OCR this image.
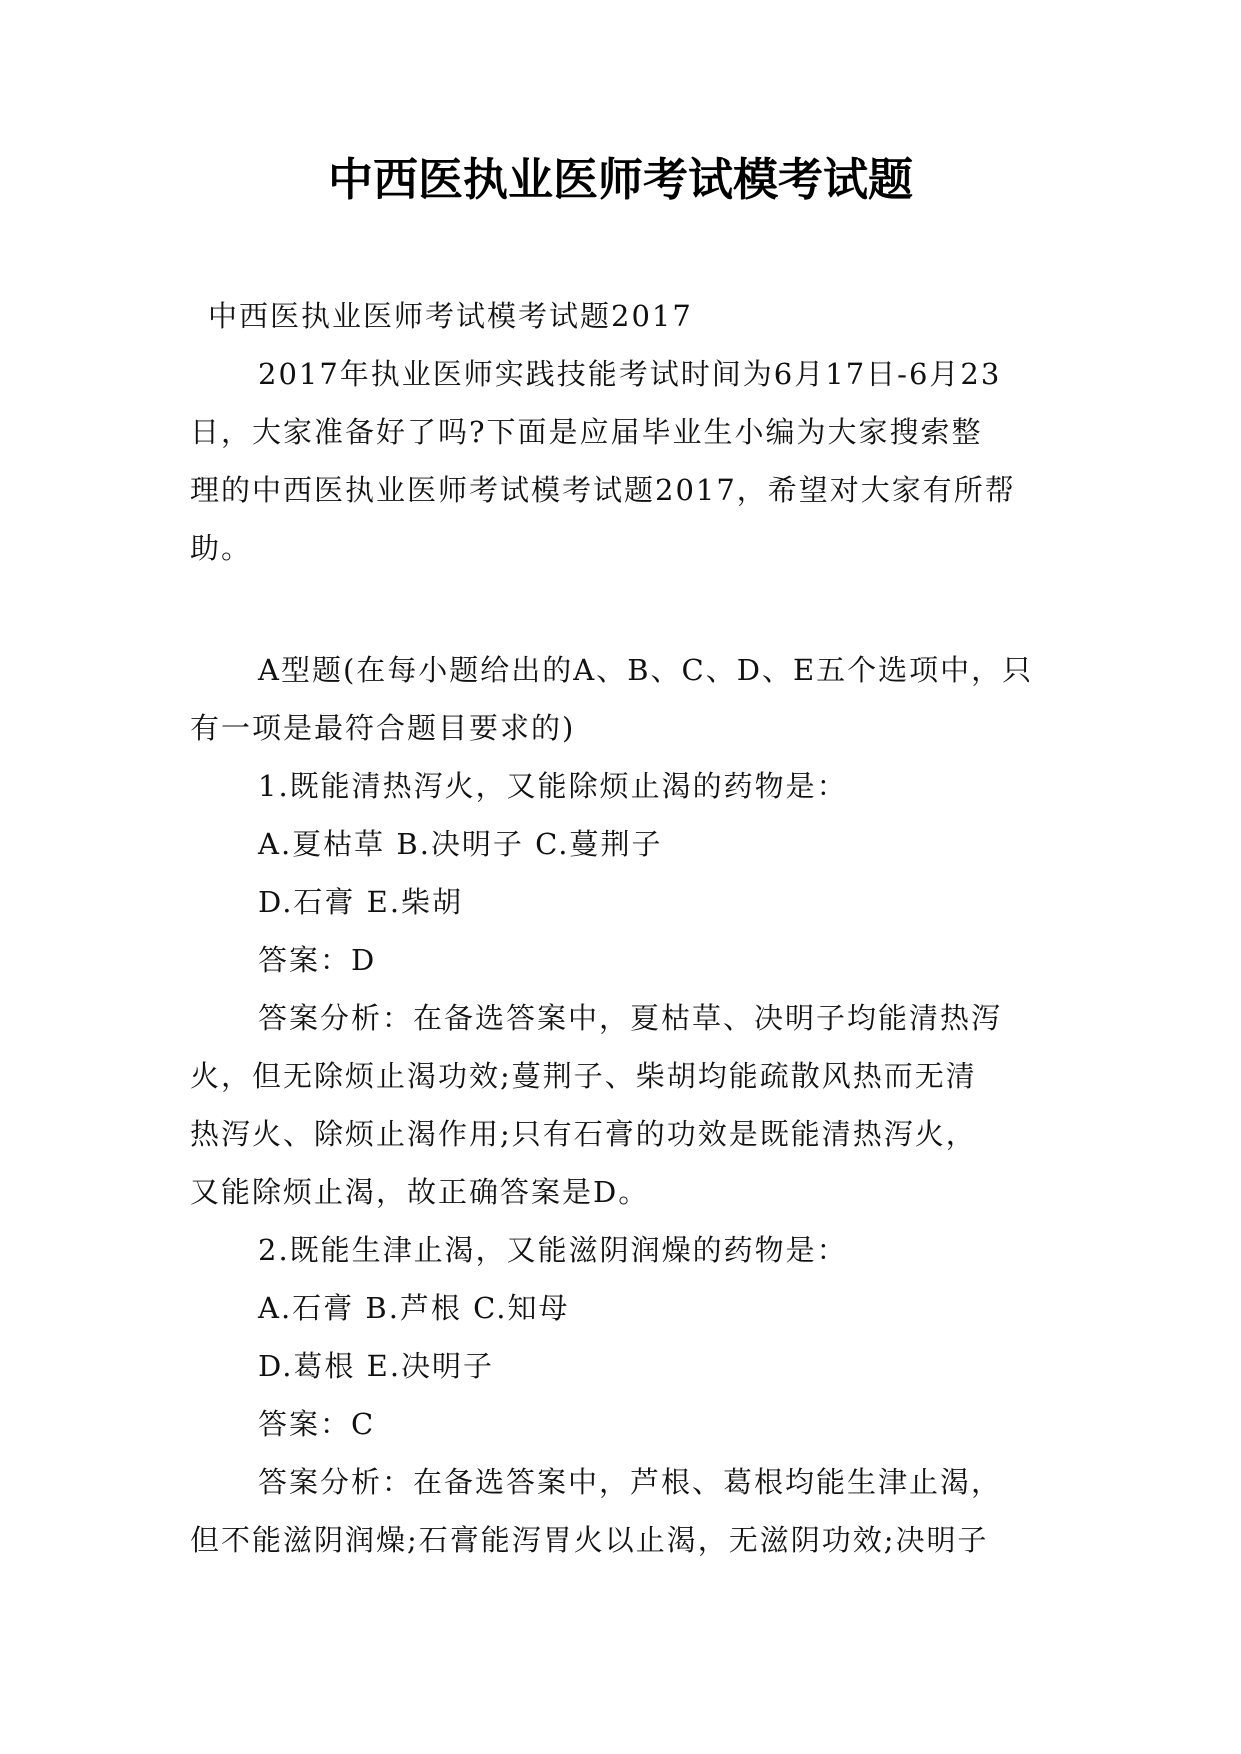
中西医执业医师考试模考试题
中西医执业医师考试模考试题2017
2017年执业医师实践技能考试时间为6月17日-6月23
日，大家准备好了吗?下面是应届毕业生小编为大家搜索整
理的中西医执业医师考试模考试题2017，希望对大家有所帮
助。
A型题(在每小题给出的A、B、C、D、E五个选项中，只
有一项是最符合题目要求的)
1.既能清热泻火，又能除烦止渴的药物是：
A.夏枯草 B.决明子 C.蔓荆子
D.石膏 E.柴胡
答案：D
答案分析：在备选答案中，夏枯草、决明子均能清热泻
火，但无除烦止渴功效;蔓荆子、柴胡均能疏散风热而无清
热泻火、除烦止渴作用;只有石膏的功效是既能清热泻火，
又能除烦止渴，故正确答案是D。
2.既能生津止渴，又能滋阴润燥的药物是：
A.石膏 B.芦根 C.知母
D.葛根 E.决明子
答案：C
答案分析：在备选答案中，芦根、葛根均能生津止渴，
但不能滋阴润燥;石膏能泻胃火以止渴，无滋阴功效;决明子
